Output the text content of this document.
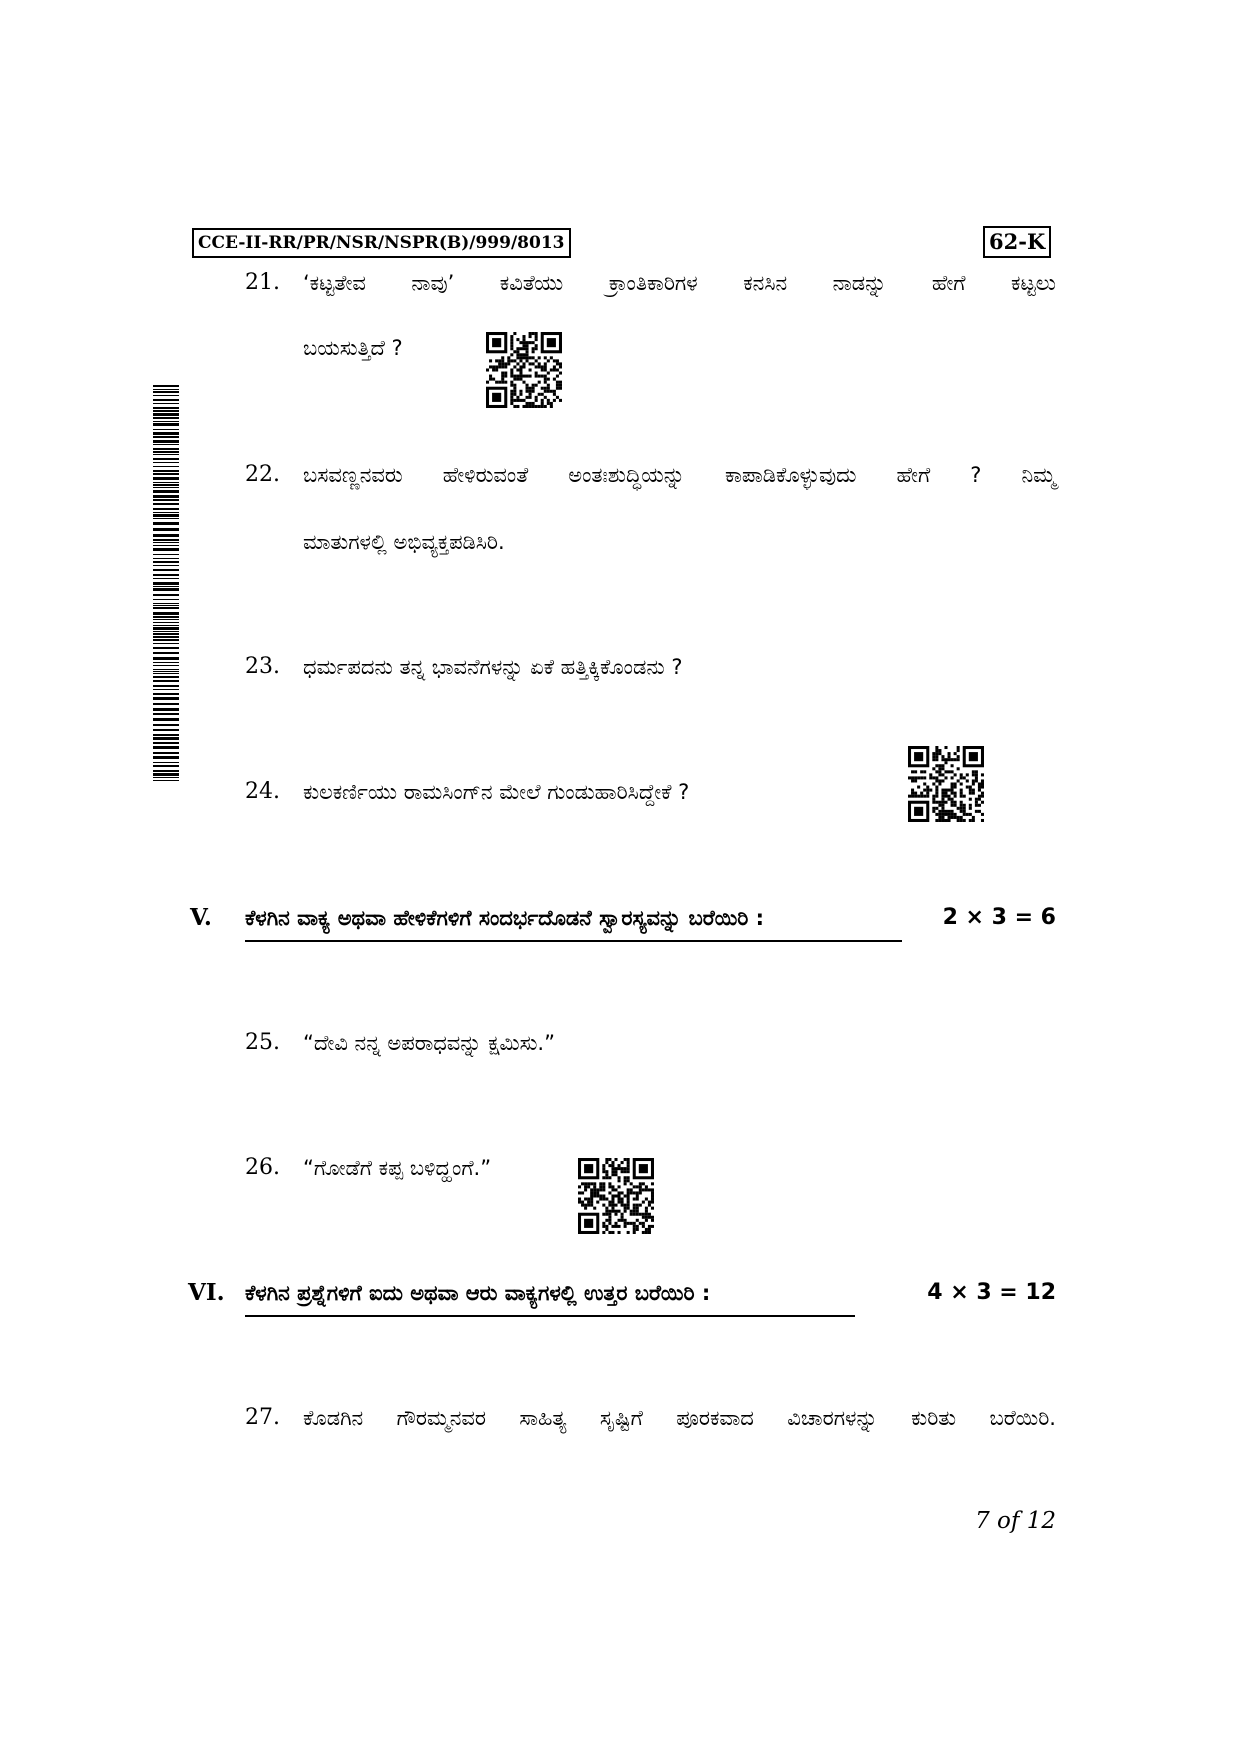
CCE-II-RR/PR/NSR/NSPR(B)/999/8013	62-K
21. ‘ಕಟ್ಟತೇವ ನಾವು’ ಕವಿತೆಯು ಕ್ರಾಂತಿಕಾರಿಗಳ ಕನಸಿನ ನಾಡನ್ನು ಹೇಗೆ ಕಟ್ಟಲು
ಬಯಸುತ್ತಿದೆ ?
22. ಬಸವಣ್ಣನವರು ಹೇಳಿರುವಂತೆ ಅಂತಃಶುದ್ಧಿಯನ್ನು ಕಾಪಾಡಿಕೊಳ್ಳುವುದು ಹೇಗೆ ? ನಿಮ್ಮ
ಮಾತುಗಳಲ್ಲಿ ಅಭಿವ್ಯಕ್ತಪಡಿಸಿರಿ.
23. ಧರ್ಮಪದನು ತನ್ನ ಭಾವನೆಗಳನ್ನು ಏಕೆ ಹತ್ತಿಕ್ಕಿಕೊಂಡನು ?
24. ಕುಲಕರ್ಣಿಯು ರಾಮಸಿಂಗ್‌ನ ಮೇಲೆ ಗುಂಡುಹಾರಿಸಿದ್ದೇಕೆ ?
V. ಕೆಳಗಿನ ವಾಕ್ಯ ಅಥವಾ ಹೇಳಿಕೆಗಳಿಗೆ ಸಂದರ್ಭದೊಡನೆ ಸ್ವಾರಸ್ಯವನ್ನು ಬರೆಯಿರಿ :	2 × 3 = 6
25. “ದೇವಿ ನನ್ನ ಅಪರಾಧವನ್ನು ಕ್ಷಮಿಸು.”
26. “ಗೋಡೆಗೆ ಕಪ್ಪ ಬಳಿದ್ಹಂಗೆ.”
VI. ಕೆಳಗಿನ ಪ್ರಶ್ನೆಗಳಿಗೆ ಐದು ಅಥವಾ ಆರು ವಾಕ್ಯಗಳಲ್ಲಿ ಉತ್ತರ ಬರೆಯಿರಿ :	4 × 3 = 12
27. ಕೊಡಗಿನ ಗೌರಮ್ಮನವರ ಸಾಹಿತ್ಯ ಸೃಷ್ಟಿಗೆ ಪೂರಕವಾದ ವಿಚಾರಗಳನ್ನು ಕುರಿತು ಬರೆಯಿರಿ.
7 of 12
